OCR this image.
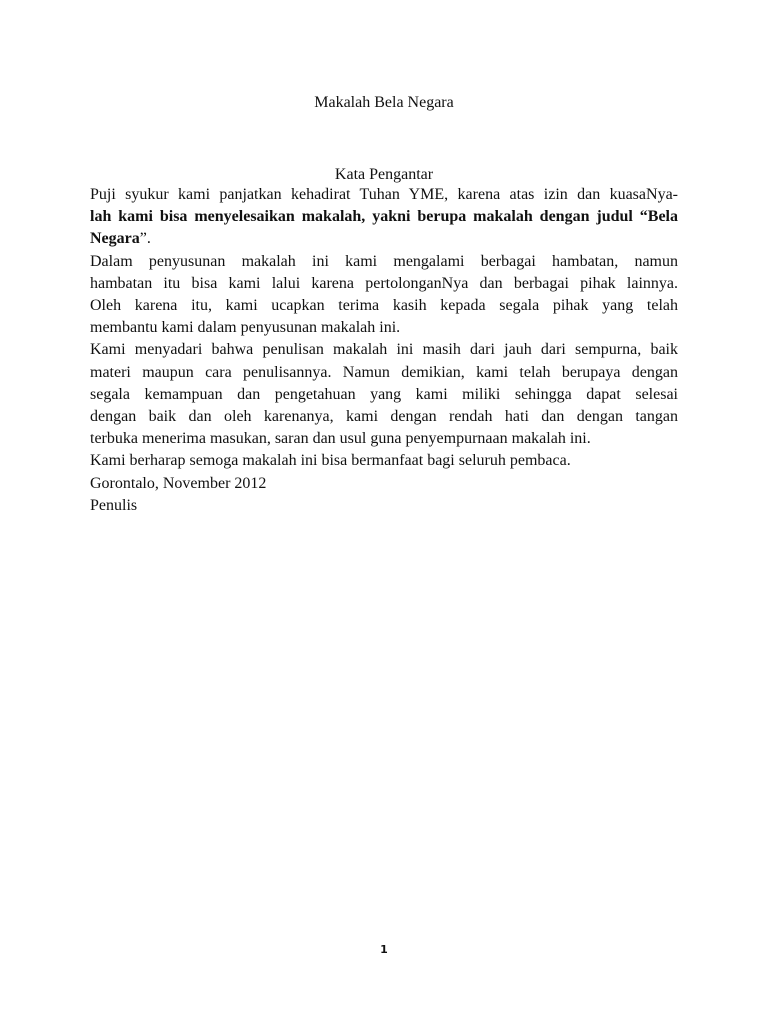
Makalah Bela Negara
Kata Pengantar
Puji syukur kami panjatkan kehadirat Tuhan YME, karena atas izin dan kuasaNya-
lah kami bisa menyelesaikan makalah, yakni berupa makalah dengan judul “Bela
Negara”.
Dalam penyusunan makalah ini kami mengalami berbagai hambatan, namun
hambatan itu bisa kami lalui karena pertolonganNya dan berbagai pihak lainnya.
Oleh karena itu, kami ucapkan terima kasih kepada segala pihak yang telah
membantu kami dalam penyusunan makalah ini.
Kami menyadari bahwa penulisan makalah ini masih dari jauh dari sempurna, baik
materi maupun cara penulisannya. Namun demikian, kami telah berupaya dengan
segala kemampuan dan pengetahuan yang kami miliki sehingga dapat selesai
dengan baik dan oleh karenanya, kami dengan rendah hati dan dengan tangan
terbuka menerima masukan, saran dan usul guna penyempurnaan makalah ini.
Kami berharap semoga makalah ini bisa bermanfaat bagi seluruh pembaca.
Gorontalo, November 2012
Penulis
1
